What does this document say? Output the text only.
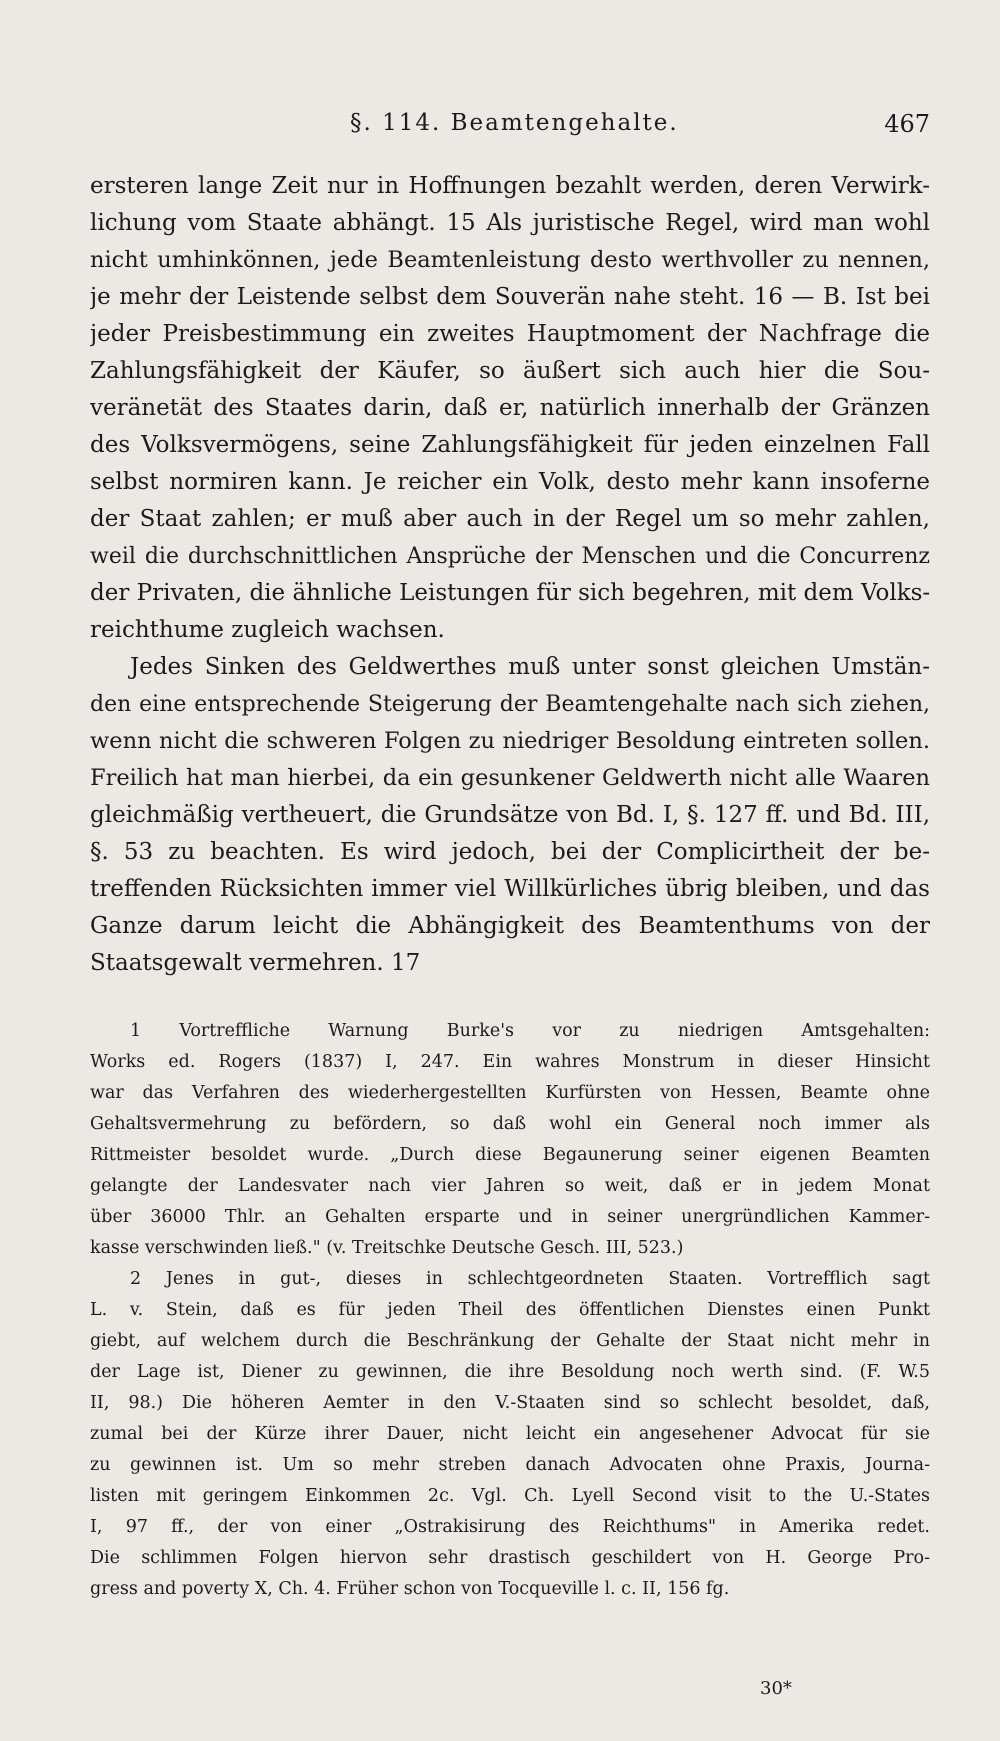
§. 114. Beamtengehalte.	467
ersteren lange Zeit nur in Hoffnungen bezahlt werden, deren Verwirk-
lichung vom Staate abhängt. 15 Als juristische Regel, wird man wohl
nicht umhinkönnen, jede Beamtenleistung desto werthvoller zu nennen,
je mehr der Leistende selbst dem Souverän nahe steht. 16 — B. Ist bei
jeder Preisbestimmung ein zweites Hauptmoment der Nachfrage die
Zahlungsfähigkeit der Käufer, so äußert sich auch hier die Sou-
veränetät des Staates darin, daß er, natürlich innerhalb der Gränzen
des Volksvermögens, seine Zahlungsfähigkeit für jeden einzelnen Fall
selbst normiren kann. Je reicher ein Volk, desto mehr kann insoferne
der Staat zahlen; er muß aber auch in der Regel um so mehr zahlen,
weil die durchschnittlichen Ansprüche der Menschen und die Concurrenz
der Privaten, die ähnliche Leistungen für sich begehren, mit dem Volks-
reichthume zugleich wachsen.
Jedes Sinken des Geldwerthes muß unter sonst gleichen Umstän-
den eine entsprechende Steigerung der Beamtengehalte nach sich ziehen,
wenn nicht die schweren Folgen zu niedriger Besoldung eintreten sollen.
Freilich hat man hierbei, da ein gesunkener Geldwerth nicht alle Waaren
gleichmäßig vertheuert, die Grundsätze von Bd. I, §. 127 ff. und Bd. III,
§. 53 zu beachten. Es wird jedoch, bei der Complicirtheit der be-
treffenden Rücksichten immer viel Willkürliches übrig bleiben, und das
Ganze darum leicht die Abhängigkeit des Beamtenthums von der
Staatsgewalt vermehren. 17
1 Vortreffliche Warnung Burke's vor zu niedrigen Amtsgehalten:
Works ed. Rogers (1837) I, 247. Ein wahres Monstrum in dieser Hinsicht
war das Verfahren des wiederhergestellten Kurfürsten von Hessen, Beamte ohne
Gehaltsvermehrung zu befördern, so daß wohl ein General noch immer als
Rittmeister besoldet wurde. „Durch diese Begaunerung seiner eigenen Beamten
gelangte der Landesvater nach vier Jahren so weit, daß er in jedem Monat
über 36000 Thlr. an Gehalten ersparte und in seiner unergründlichen Kammer-
kasse verschwinden ließ." (v. Treitschke Deutsche Gesch. III, 523.)
2 Jenes in gut-, dieses in schlechtgeordneten Staaten. Vortrefflich sagt
L. v. Stein, daß es für jeden Theil des öffentlichen Dienstes einen Punkt
giebt, auf welchem durch die Beschränkung der Gehalte der Staat nicht mehr in
der Lage ist, Diener zu gewinnen, die ihre Besoldung noch werth sind. (F. W.5
II, 98.) Die höheren Aemter in den V.-Staaten sind so schlecht besoldet, daß,
zumal bei der Kürze ihrer Dauer, nicht leicht ein angesehener Advocat für sie
zu gewinnen ist. Um so mehr streben danach Advocaten ohne Praxis, Journa-
listen mit geringem Einkommen 2c. Vgl. Ch. Lyell Second visit to the U.-States
I, 97 ff., der von einer „Ostrakisirung des Reichthums" in Amerika redet.
Die schlimmen Folgen hiervon sehr drastisch geschildert von H. George Pro-
gress and poverty X, Ch. 4. Früher schon von Tocqueville l. c. II, 156 fg.
30*
